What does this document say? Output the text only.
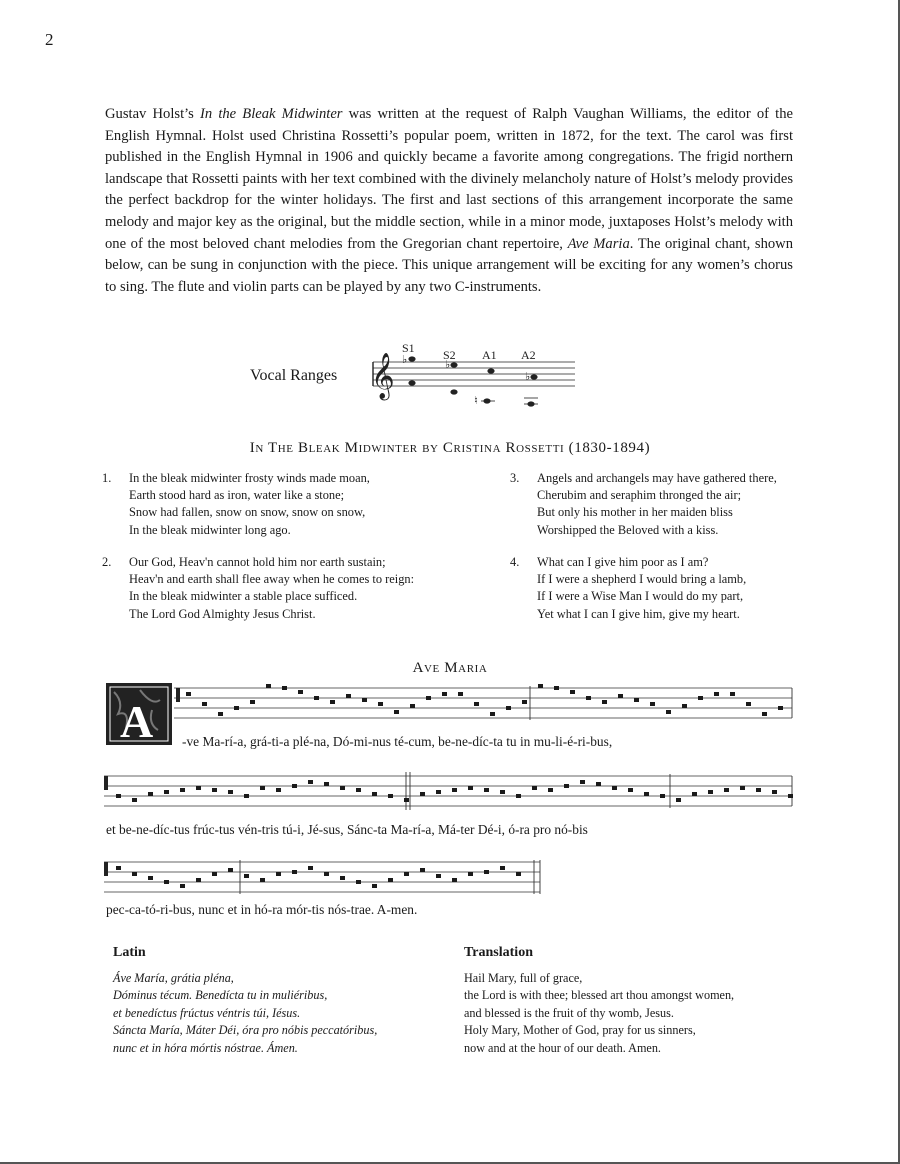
2

Gustav Holst’s In the Bleak Midwinter was written at the request of Ralph Vaughan Williams, the editor of the English Hymnal. Holst used Christina Rossetti’s popular poem, written in 1872, for the text. The carol was first published in the English Hymnal in 1906 and quickly became a favorite among congregations. The frigid northern landscape that Rossetti paints with her text combined with the divinely melancholy nature of Holst’s melody provides the perfect backdrop for the winter holidays. The first and last sections of this arrangement incorporate the same melody and major key as the original, but the middle section, while in a minor mode, juxtaposes Holst’s melody with one of the most beloved chant melodies from the Gregorian chant repertoire, Ave Maria. The original chant, shown below, can be sung in conjunction with the piece. This unique arrangement will be exciting for any women’s chorus to sing. The flute and violin parts can be played by any two C-instruments.

Vocal Ranges 𝄞
S1 S2 A1 A2
♭	♭
♮
♭
In The Bleak Midwinter by Cristina Rossetti (1830-1894)
1. In the bleak midwinter frosty winds made moan,
Earth stood hard as iron, water like a stone;
Snow had fallen, snow on snow, snow on snow,
In the bleak midwinter long ago.
2. Our God, Heav'n cannot hold him nor earth sustain;
Heav'n and earth shall flee away when he comes to reign:
In the bleak midwinter a stable place sufficed.
The Lord God Almighty Jesus Christ.
3. Angels and archangels may have gathered there,
Cherubim and seraphim thronged the air;
But only his mother in her maiden bliss
Worshipped the Beloved with a kiss.
4. What can I give him poor as I am?
If I were a shepherd I would bring a lamb,
If I were a Wise Man I would do my part,
Yet what I can I give him, give my heart.
Ave Maria
A -ve Ma-rí-a, grá-ti-a plé-na, Dó-mi-nus té-cum, be-ne-díc-ta tu in mu-li-é-ri-bus,
et be-ne-díc-tus frúc-tus vén-tris tú-i, Jé-sus, Sánc-ta Ma-rí-a, Má-ter Dé-i, ó-ra pro nó-bis
pec-ca-tó-ri-bus, nunc et in hó-ra mór-tis nós-trae. A-men.
Latin
Áve María, grátia pléna,
Dóminus técum. Benedícta tu in muliéribus,
et benedíctus frúctus véntris túi, Iésus.
Sáncta María, Máter Déi, óra pro nóbis peccatóribus,
nunc et in hóra mórtis nóstrae. Ámen.
Translation
Hail Mary, full of grace,
the Lord is with thee; blessed art thou amongst women,
and blessed is the fruit of thy womb, Jesus.
Holy Mary, Mother of God, pray for us sinners,
now and at the hour of our death. Amen.
